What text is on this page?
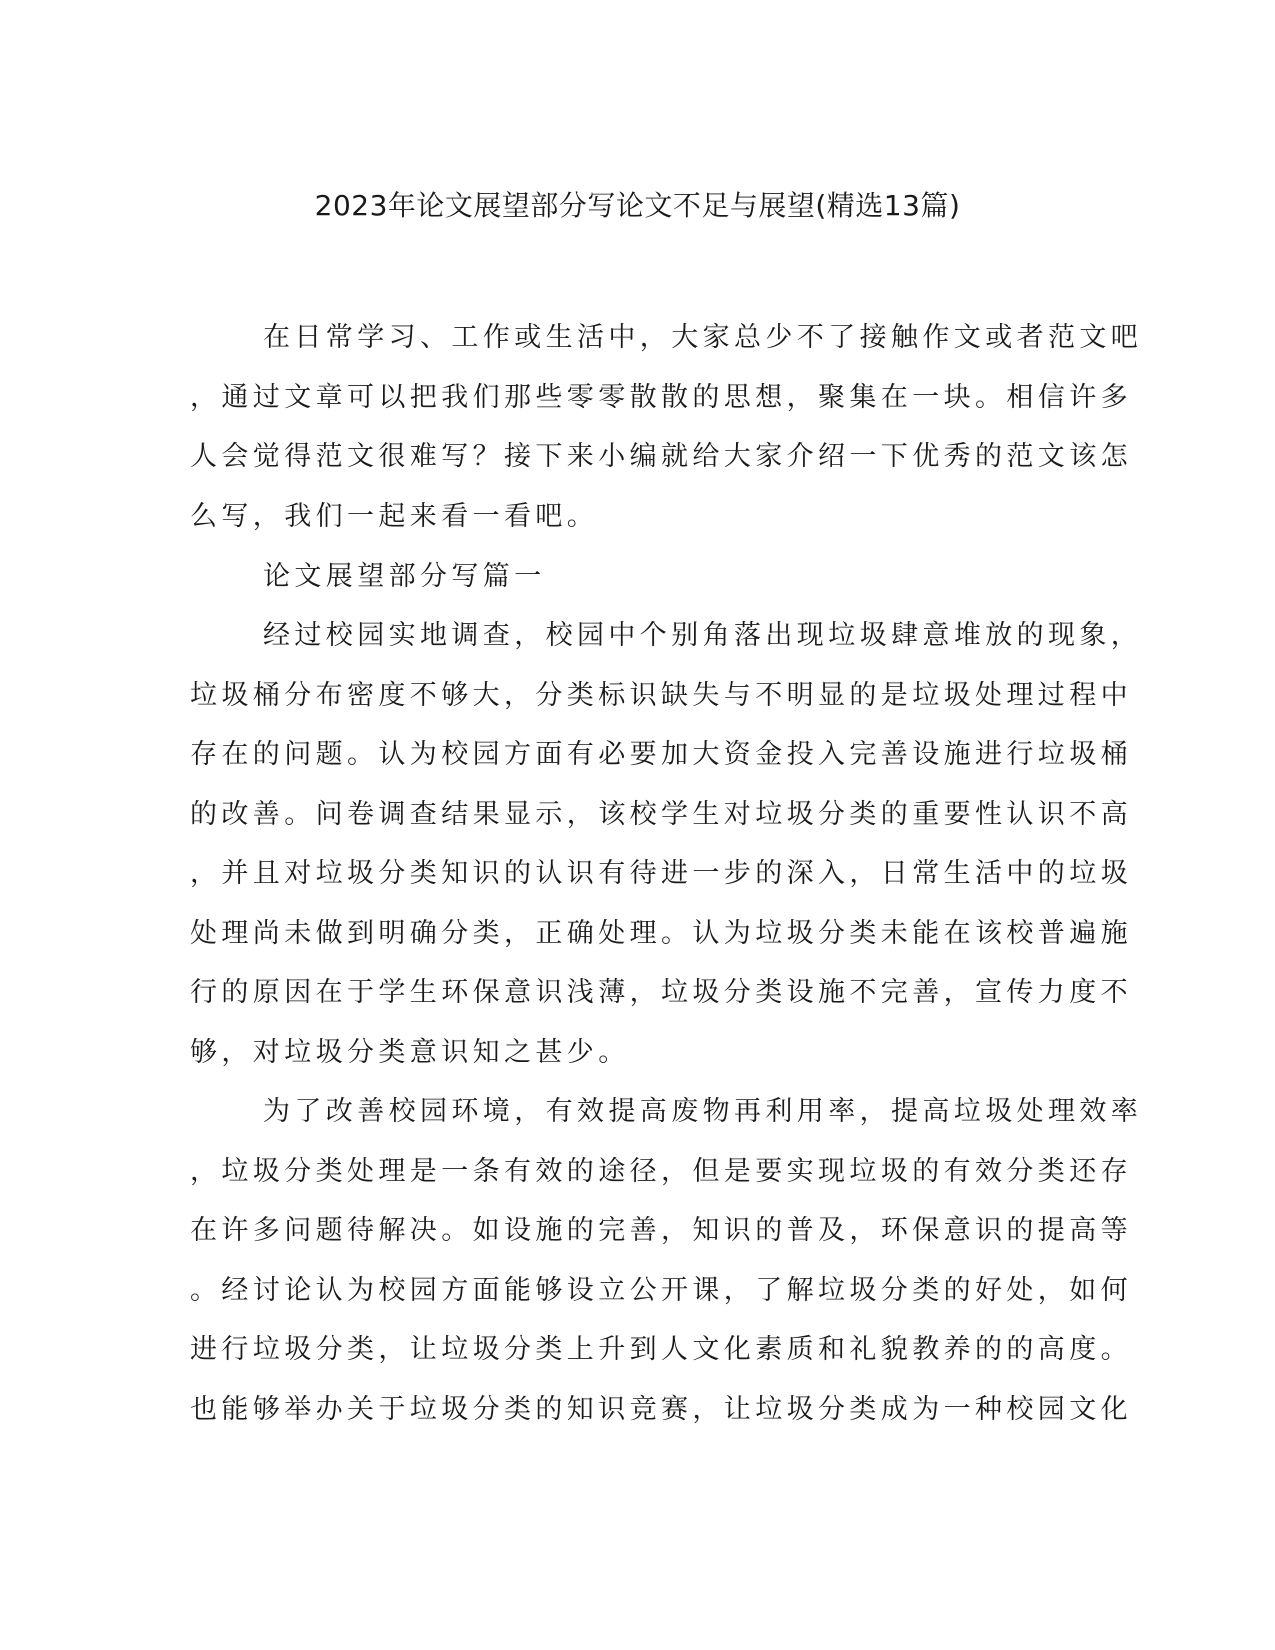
2023年论文展望部分写论文不足与展望(精选13篇)
在日常学习、工作或生活中，大家总少不了接触作文或者范文吧
，通过文章可以把我们那些零零散散的思想，聚集在一块。相信许多
人会觉得范文很难写？接下来小编就给大家介绍一下优秀的范文该怎
么写，我们一起来看一看吧。
论文展望部分写篇一
经过校园实地调查，校园中个别角落出现垃圾肆意堆放的现象，
垃圾桶分布密度不够大，分类标识缺失与不明显的是垃圾处理过程中
存在的问题。认为校园方面有必要加大资金投入完善设施进行垃圾桶
的改善。问卷调查结果显示，该校学生对垃圾分类的重要性认识不高
，并且对垃圾分类知识的认识有待进一步的深入，日常生活中的垃圾
处理尚未做到明确分类，正确处理。认为垃圾分类未能在该校普遍施
行的原因在于学生环保意识浅薄，垃圾分类设施不完善，宣传力度不
够，对垃圾分类意识知之甚少。
为了改善校园环境，有效提高废物再利用率，提高垃圾处理效率
，垃圾分类处理是一条有效的途径，但是要实现垃圾的有效分类还存
在许多问题待解决。如设施的完善，知识的普及，环保意识的提高等
。经讨论认为校园方面能够设立公开课，了解垃圾分类的好处，如何
进行垃圾分类，让垃圾分类上升到人文化素质和礼貌教养的的高度。
也能够举办关于垃圾分类的知识竞赛，让垃圾分类成为一种校园文化
